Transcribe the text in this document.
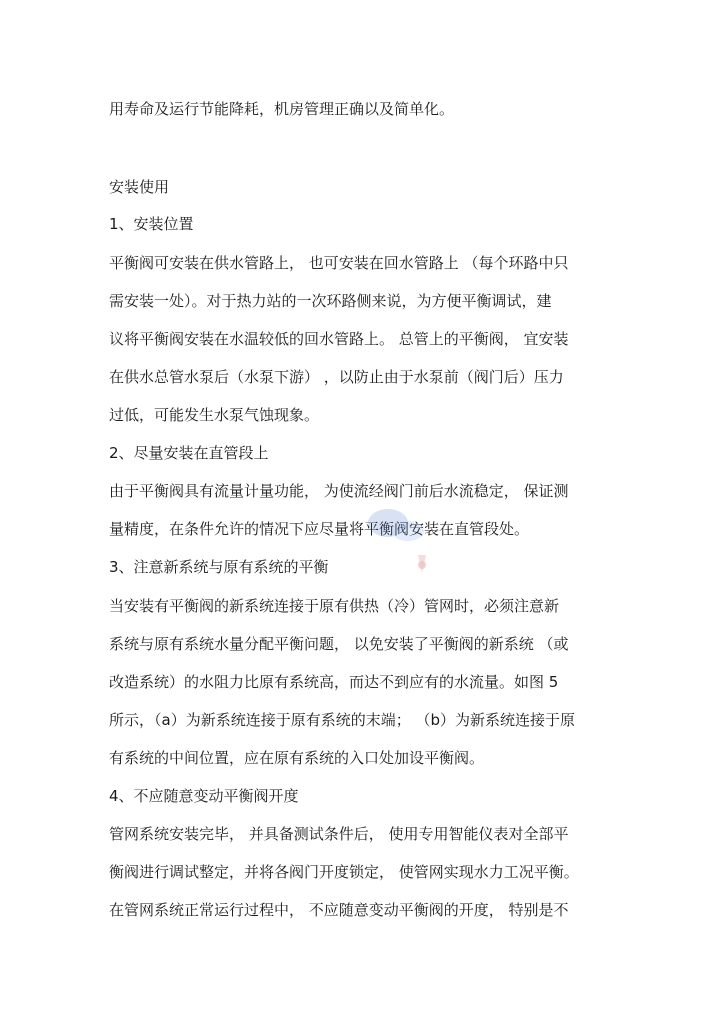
用寿命及运行节能降耗，机房管理正确以及简单化。
安装使用
1、安装位置
平衡阀可安装在供水管路上， 也可安装在回水管路上 （每个环路中只
需安装一处）。对于热力站的一次环路侧来说，为方便平衡调试，建
议将平衡阀安装在水温较低的回水管路上。 总管上的平衡阀， 宜安装
在供水总管水泵后（水泵下游） ，以防止由于水泵前（阀门后）压力
过低，可能发生水泵气蚀现象。
2、尽量安装在直管段上
由于平衡阀具有流量计量功能， 为使流经阀门前后水流稳定， 保证测
量精度，在条件允许的情况下应尽量将平衡阀安装在直管段处。
3、注意新系统与原有系统的平衡
当安装有平衡阀的新系统连接于原有供热（冷）管网时，必须注意新
系统与原有系统水量分配平衡问题， 以免安装了平衡阀的新系统 （或
改造系统）的水阻力比原有系统高，而达不到应有的水流量。如图 5
所示，（a）为新系统连接于原有系统的末端； （b）为新系统连接于原
有系统的中间位置，应在原有系统的入口处加设平衡阀。
4、不应随意变动平衡阀开度
管网系统安装完毕， 并具备测试条件后， 使用专用智能仪表对全部平
衡阀进行调试整定，并将各阀门开度锁定， 使管网实现水力工况平衡。
在管网系统正常运行过程中， 不应随意变动平衡阀的开度， 特别是不
